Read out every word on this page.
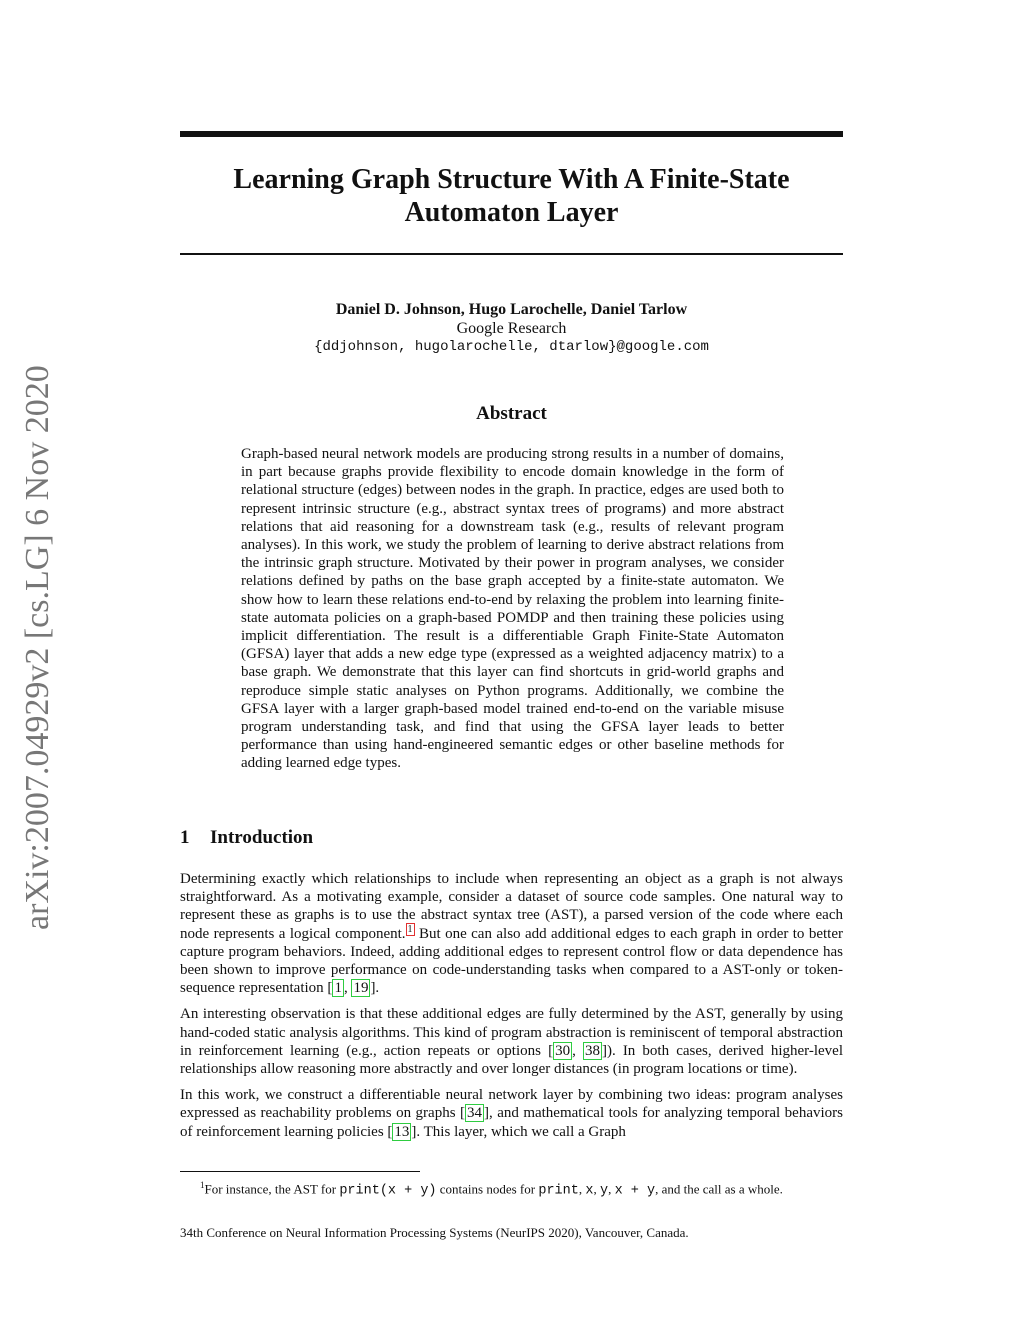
arXiv:2007.04929v2 [cs.LG] 6 Nov 2020
Learning Graph Structure With A Finite-State
Automaton Layer
Daniel D. Johnson, Hugo Larochelle, Daniel Tarlow
Google Research
{ddjohnson, hugolarochelle, dtarlow}@google.com
Abstract

Graph-based neural network models are producing strong results in a number of domains, in part because graphs provide flexibility to encode domain knowledge in the form of relational structure (edges) between nodes in the graph. In practice, edges are used both to represent intrinsic structure (e.g., abstract syntax trees of programs) and more abstract relations that aid reasoning for a downstream task (e.g., results of relevant program analyses). In this work, we study the problem of learning to derive abstract relations from the intrinsic graph structure. Motivated by their power in program analyses, we consider relations defined by paths on the base graph accepted by a finite-state automaton. We show how to learn these relations end-to-end by relaxing the problem into learning finite-state automata policies on a graph-based POMDP and then training these policies using implicit differentiation. The result is a differentiable Graph Finite-State Automaton (GFSA) layer that adds a new edge type (expressed as a weighted adjacency matrix) to a base graph. We demonstrate that this layer can find shortcuts in grid-world graphs and reproduce simple static analyses on Python programs. Additionally, we combine the GFSA layer with a larger graph-based model trained end-to-end on the variable misuse program understanding task, and find that using the GFSA layer leads to better performance than using hand-engineered semantic edges or other baseline methods for adding learned edge types.

1 Introduction

Determining exactly which relationships to include when representing an object as a graph is not always straightforward. As a motivating example, consider a dataset of source code samples. One natural way to represent these as graphs is to use the abstract syntax tree (AST), a parsed version of the code where each node represents a logical component. $^1$ But one can also add additional edges to each graph in order to better capture program behaviors. Indeed, adding additional edges to represent control flow or data dependence has been shown to improve performance on code-understanding tasks when compared to a AST-only or token-sequence representation [ 1 , 19 ].

An interesting observation is that these additional edges are fully determined by the AST, generally by using hand-coded static analysis algorithms. This kind of program abstraction is reminiscent of temporal abstraction in reinforcement learning (e.g., action repeats or options [ 30 , 38 ]). In both cases, derived higher-level relationships allow reasoning more abstractly and over longer distances (in program locations or time).

In this work, we construct a differentiable neural network layer by combining two ideas: program analyses expressed as reachability problems on graphs [ 34 ], and mathematical tools for analyzing temporal behaviors of reinforcement learning policies [ 13 ]. This layer, which we call a Graph

$^1$For instance, the AST for print(x + y) contains nodes for print, x, y, x + y, and the call as a whole.
34th Conference on Neural Information Processing Systems (NeurIPS 2020), Vancouver, Canada.
